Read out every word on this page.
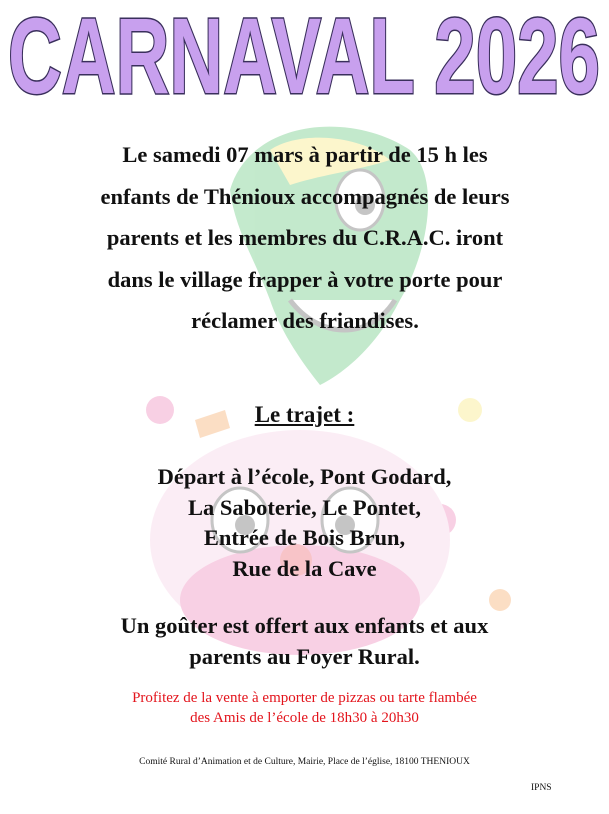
CARNAVAL 2026
Le samedi 07 mars à partir de 15 h les
enfants de Thénioux accompagnés de leurs
parents et les membres du C.R.A.C. iront
dans le village frapper à votre porte pour
réclamer des friandises.
Le trajet :
Départ à l’école, Pont Godard,
La Saboterie, Le Pontet,
Entrée de Bois Brun,
Rue de la Cave
Un goûter est offert aux enfants et aux
parents au Foyer Rural.
Profitez de la vente à emporter de pizzas ou tarte flambée
des Amis de l’école de 18h30 à 20h30
Comité Rural d’Animation et de Culture, Mairie, Place de l’église, 18100 THENIOUX
IPNS
